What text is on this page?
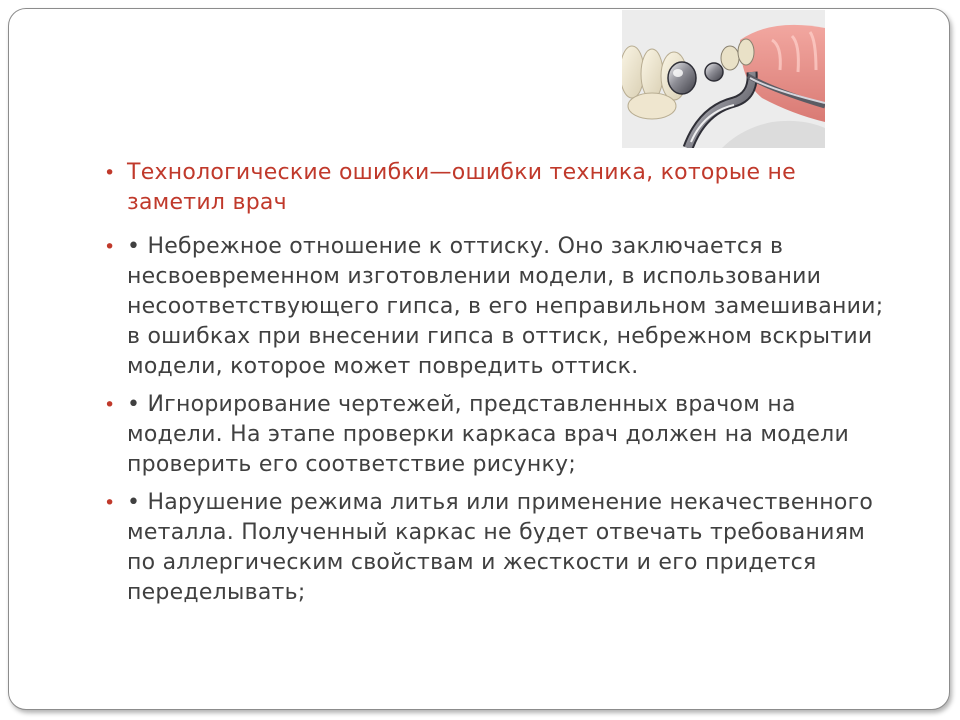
• Технологические ошибки—ошибки техника, которые не заметил врач
• • Небрежное отношение к оттиску. Оно заключается в несвоевременном изготовлении модели, в использовании несоответствующего гипса, в его неправильном замешивании; в ошибках при внесении гипса в оттиск, небрежном вскрытии модели, которое может повредить оттиск.
• • Игнорирование чертежей, представленных врачом на модели. На этапе проверки каркаса врач должен на модели проверить его соответствие рисунку;
• • Нарушение режима литья или применение некачественного металла. Полученный каркас не будет отвечать требованиям по аллергическим свойствам и жесткости и его придется переделывать;
